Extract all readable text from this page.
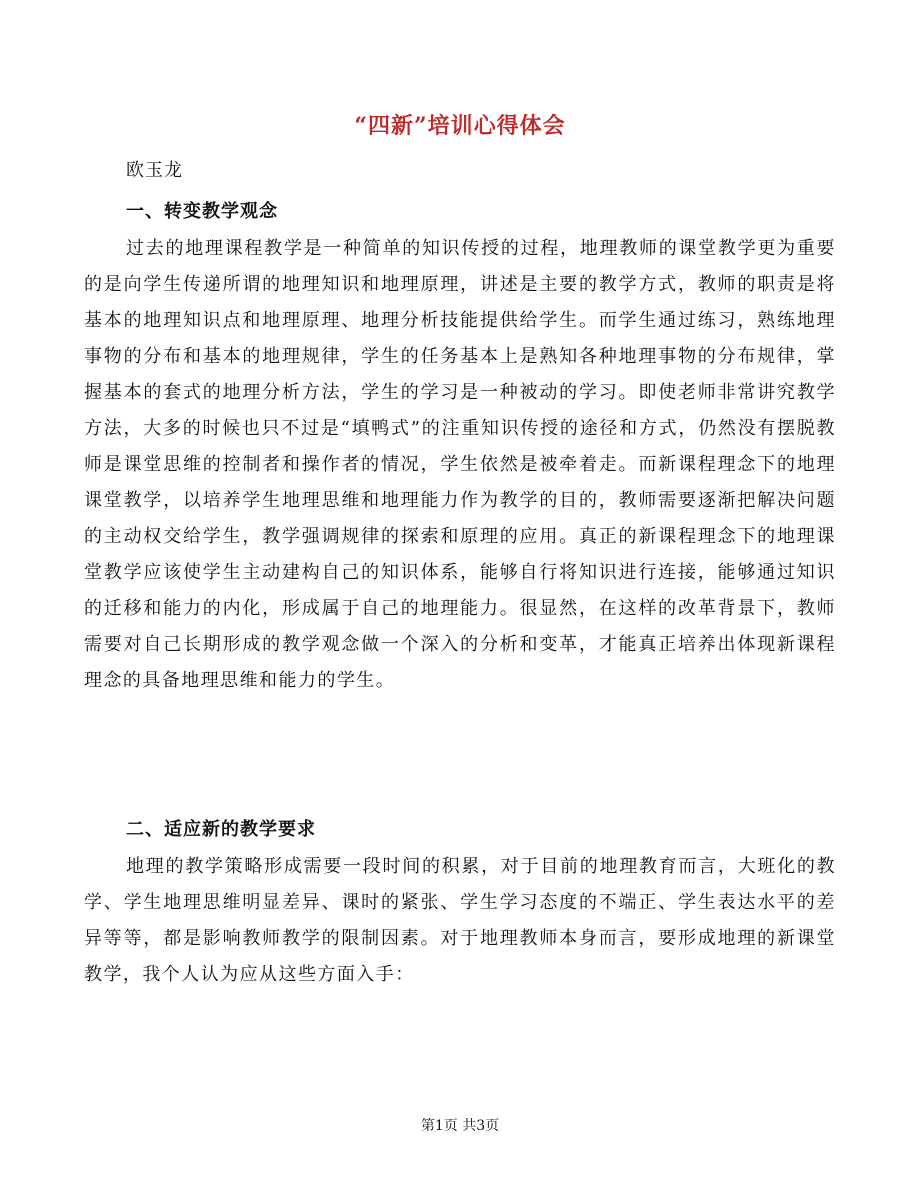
“四新”培训心得体会
欧玉龙
一、转变教学观念

过去的地理课程教学是一种简单的知识传授的过程，地理教师的课堂教学更为重要的是向学生传递所谓的地理知识和地理原理，讲述是主要的教学方式，教师的职责是将基本的地理知识点和地理原理、地理分析技能提供给学生。而学生通过练习，熟练地理事物的分布和基本的地理规律，学生的任务基本上是熟知各种地理事物的分布规律，掌握基本的套式的地理分析方法，学生的学习是一种被动的学习。即使老师非常讲究教学方法，大多的时候也只不过是“填鸭式”的注重知识传授的途径和方式，仍然没有摆脱教师是课堂思维的控制者和操作者的情况，学生依然是被牵着走。而新课程理念下的地理课堂教学，以培养学生地理思维和地理能力作为教学的目的，教师需要逐渐把解决问题的主动权交给学生，教学强调规律的探索和原理的应用。真正的新课程理念下的地理课堂教学应该使学生主动建构自己的知识体系，能够自行将知识进行连接，能够通过知识的迁移和能力的内化，形成属于自己的地理能力。很显然，在这样的改革背景下，教师需要对自己长期形成的教学观念做一个深入的分析和变革，才能真正培养出体现新课程理念的具备地理思维和能力的学生。

二、适应新的教学要求

地理的教学策略形成需要一段时间的积累，对于目前的地理教育而言，大班化的教学、学生地理思维明显差异、课时的紧张、学生学习态度的不端正、学生表达水平的差异等等，都是影响教师教学的限制因素。对于地理教师本身而言，要形成地理的新课堂教学，我个人认为应从这些方面入手：

第1页 共3页
